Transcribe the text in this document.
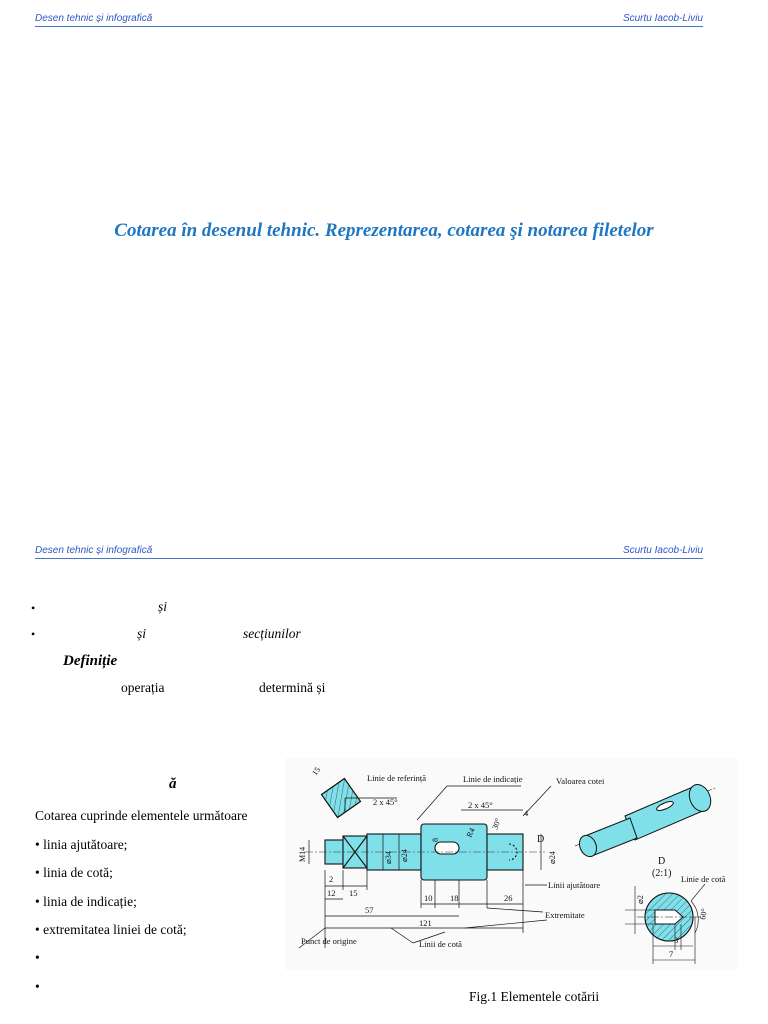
Desen tehnic și infografică	Scurtu Iacob-Liviu
Cotarea în desenul tehnic. Reprezentarea, cotarea şi notarea filetelor
Desen tehnic și infografică	Scurtu Iacob-Liviu
•	și
•	și	secțiunilor
Definiție
operația	determină și
ă
Cotarea cuprinde elementele următoare
• linia ajutătoare;
• linia de cotă;
• linia de indicație;
• extremitatea liniei de cotă;
•
•
15
Linie de referință	Linie de indicație	Valoarea cotei
2 x 45°	2 x 45°
4
30°
D
D
(2:1) Linie de cotă
M14	⌀34 ⌀24
8
R4
⌀24
⌀2
60°
2
12 15	10 18	26
57
121
3
7
Linii ajutătoare
Extremitate
Punct de origine	Linii de cotă
Fig.1 Elementele cotării
